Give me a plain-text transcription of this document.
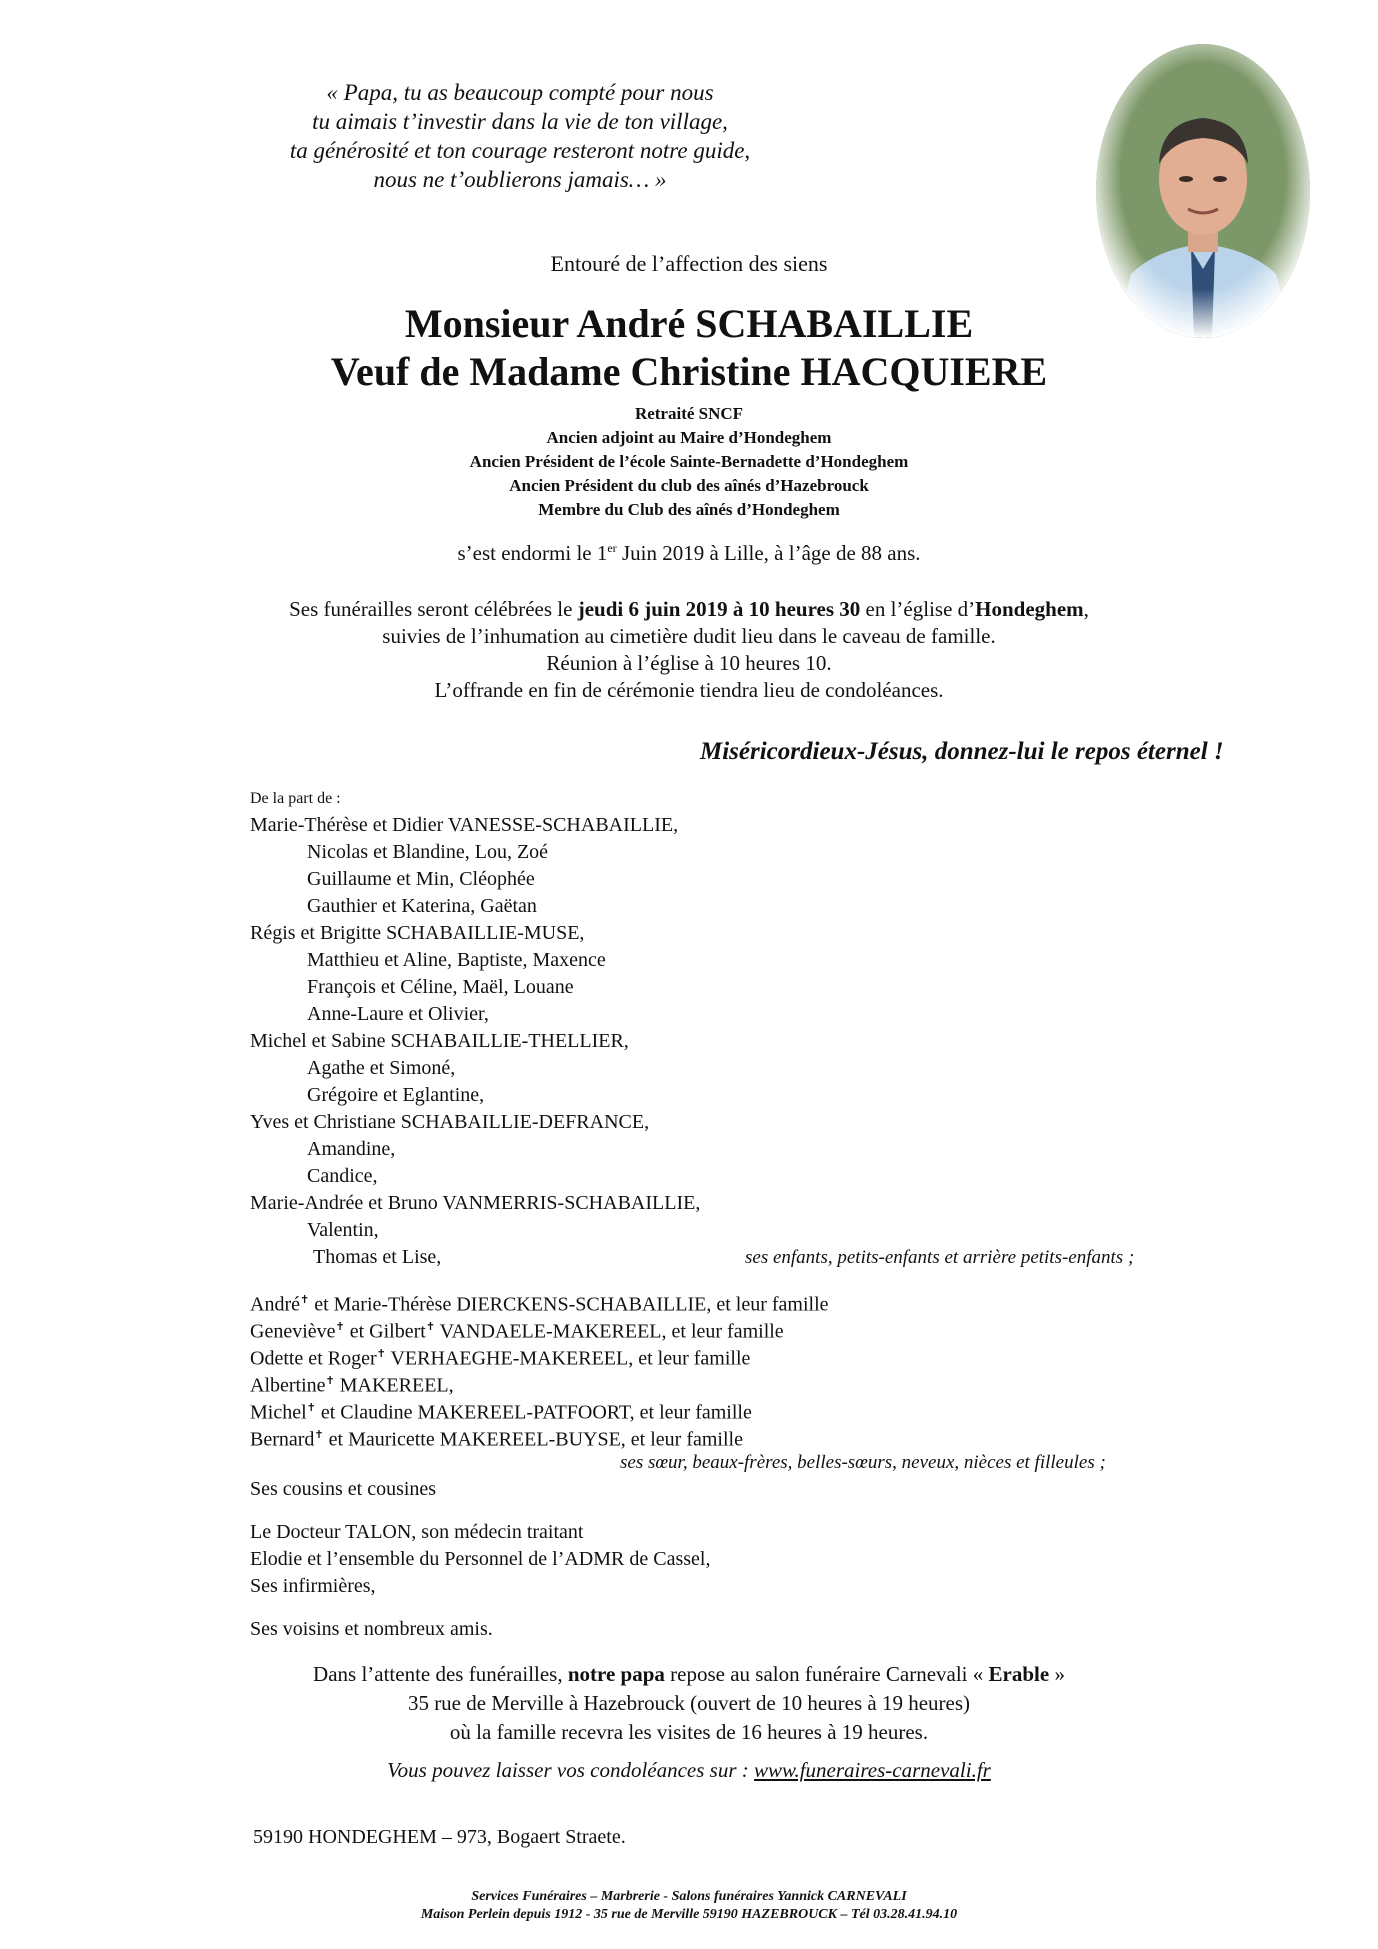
« Papa, tu as beaucoup compté pour nous
tu aimais t’investir dans la vie de ton village,
ta générosité et ton courage resteront notre guide,
nous ne t’oublierons jamais… »
Entouré de l’affection des siens
Monsieur André SCHABAILLIE
Veuf de Madame Christine HACQUIERE
Retraité SNCF
Ancien adjoint au Maire d’Hondeghem
Ancien Président de l’école Sainte-Bernadette d’Hondeghem
Ancien Président du club des aînés d’Hazebrouck
Membre du Club des aînés d’Hondeghem
s’est endormi le 1er Juin 2019 à Lille, à l’âge de 88 ans.
Ses funérailles seront célébrées le jeudi 6 juin 2019 à 10 heures 30 en l’église d’Hondeghem,
suivies de l’inhumation au cimetière dudit lieu dans le caveau de famille.
Réunion à l’église à 10 heures 10.
L’offrande en fin de cérémonie tiendra lieu de condoléances.
Miséricordieux-Jésus, donnez-lui le repos éternel !
De la part de :
Marie-Thérèse et Didier VANESSE-SCHABAILLIE,
Nicolas et Blandine, Lou, Zoé
Guillaume et Min, Cléophée
Gauthier et Katerina, Gaëtan
Régis et Brigitte SCHABAILLIE-MUSE,
Matthieu et Aline, Baptiste, Maxence
François et Céline, Maël, Louane
Anne-Laure et Olivier,
Michel et Sabine SCHABAILLIE-THELLIER,
Agathe et Simoné,
Grégoire et Eglantine,
Yves et Christiane SCHABAILLIE-DEFRANCE,
Amandine,
Candice,
Marie-Andrée et Bruno VANMERRIS-SCHABAILLIE,
Valentin,
Thomas et Lise,	ses enfants, petits-enfants et arrière petits-enfants ;
André✝ et Marie-Thérèse DIERCKENS-SCHABAILLIE, et leur famille
Geneviève✝ et Gilbert✝ VANDAELE-MAKEREEL, et leur famille
Odette et Roger✝ VERHAEGHE-MAKEREEL, et leur famille
Albertine✝ MAKEREEL,
Michel✝ et Claudine MAKEREEL-PATFOORT, et leur famille
Bernard✝ et Mauricette MAKEREEL-BUYSE, et leur famille
ses sœur, beaux-frères, belles-sœurs, neveux, nièces et filleules ;
Ses cousins et cousines
Le Docteur TALON, son médecin traitant
Elodie et l’ensemble du Personnel de l’ADMR de Cassel,
Ses infirmières,
Ses voisins et nombreux amis.
Dans l’attente des funérailles, notre papa repose au salon funéraire Carnevali « Erable »
35 rue de Merville à Hazebrouck (ouvert de 10 heures à 19 heures)
où la famille recevra les visites de 16 heures à 19 heures.
Vous pouvez laisser vos condoléances sur : www.funeraires-carnevali.fr
59190 HONDEGHEM – 973, Bogaert Straete.
Services Funéraires – Marbrerie - Salons funéraires Yannick CARNEVALI
Maison Perlein depuis 1912 - 35 rue de Merville 59190 HAZEBROUCK – Tél 03.28.41.94.10
